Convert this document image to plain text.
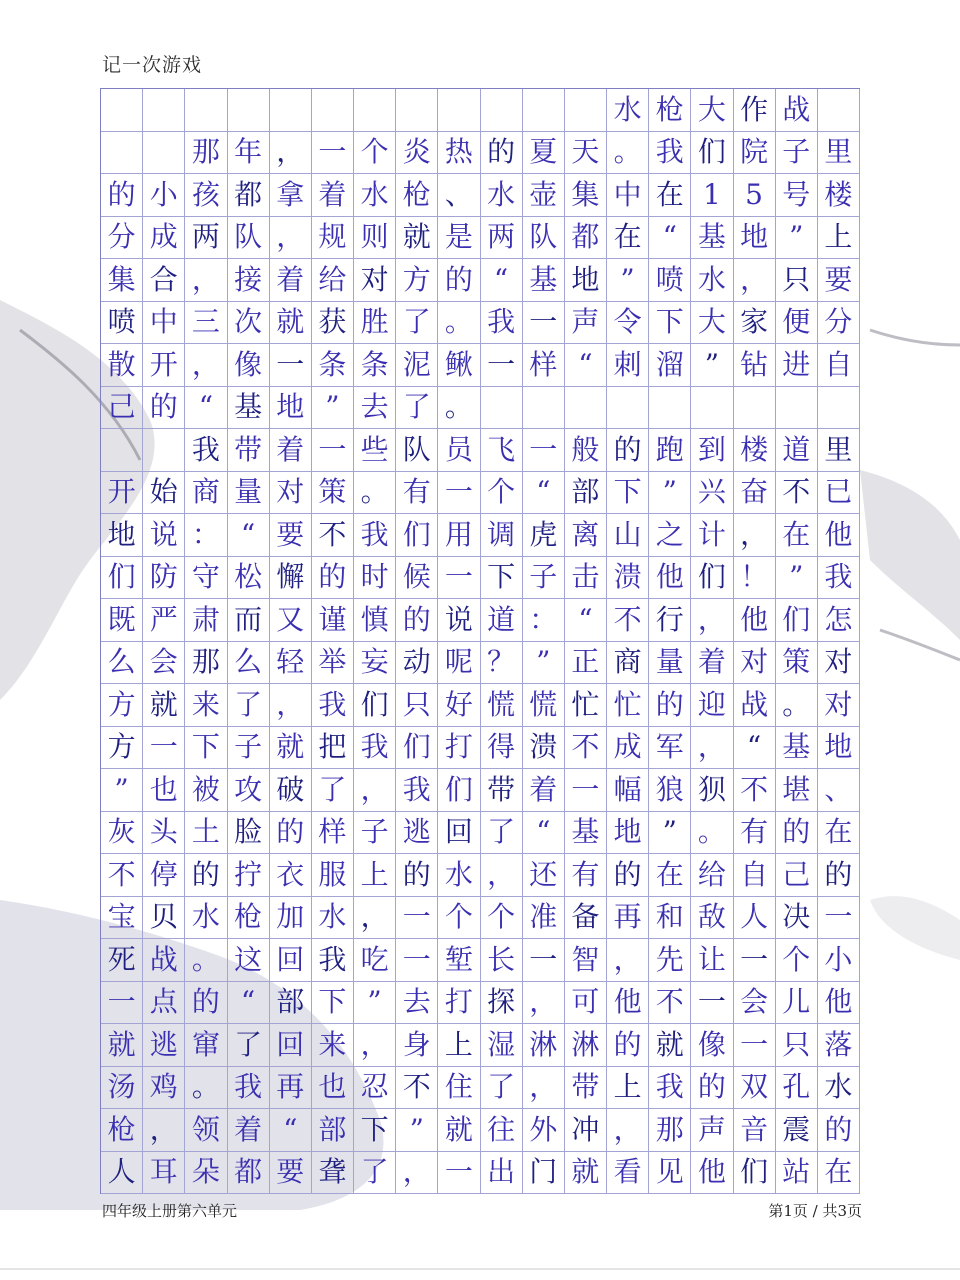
记一次游戏
水 枪 大 作 战
那 年 ， 一 个 炎 热 的 夏 天 。 我 们 院 子 里
的 小 孩 都 拿 着 水 枪 、 水 壶 集 中 在 1 5 号 楼
分 成 两 队 ， 规 则 就 是 两 队 都 在 “ 基 地 ” 上
集 合 ， 接 着 给 对 方 的 “ 基 地 ” 喷 水 ， 只 要
喷 中 三 次 就 获 胜 了 。 我 一 声 令 下 大 家 便 分
散 开 ， 像 一 条 条 泥 鳅 一 样 “ 刺 溜 ” 钻 进 自
己 的 “ 基 地 ” 去 了 。
我 带 着 一 些 队 员 飞 一 般 的 跑 到 楼 道 里
开 始 商 量 对 策 。 有 一 个 “ 部 下 ” 兴 奋 不 已
地 说 ： “ 要 不 我 们 用 调 虎 离 山 之 计 ， 在 他
们 防 守 松 懈 的 时 候 一 下 子 击 溃 他 们 ！ ” 我
既 严 肃 而 又 谨 慎 的 说 道 ： “ 不 行 ， 他 们 怎
么 会 那 么 轻 举 妄 动 呢 ？ ” 正 商 量 着 对 策 对
方 就 来 了 ， 我 们 只 好 慌 慌 忙 忙 的 迎 战 。 对
方 一 下 子 就 把 我 们 打 得 溃 不 成 军 ， “ 基 地
” 也 被 攻 破 了 ， 我 们 带 着 一 幅 狼 狈 不 堪 、
灰 头 土 脸 的 样 子 逃 回 了 “ 基 地 ” 。 有 的 在
不 停 的 拧 衣 服 上 的 水 ， 还 有 的 在 给 自 己 的
宝 贝 水 枪 加 水 ， 一 个 个 准 备 再 和 敌 人 决 一
死 战 。 这 回 我 吃 一 堑 长 一 智 ， 先 让 一 个 小
一 点 的 “ 部 下 ” 去 打 探 ， 可 他 不 一 会 儿 他
就 逃 窜 了 回 来 ， 身 上 湿 淋 淋 的 就 像 一 只 落
汤 鸡 。 我 再 也 忍 不 住 了 ， 带 上 我 的 双 孔 水
枪 ， 领 着 “ 部 下 ” 就 往 外 冲 ， 那 声 音 震 的
人 耳 朵 都 要 聋 了 ， 一 出 门 就 看 见 他 们 站 在
四年级上册第六单元	第1页 / 共3页
